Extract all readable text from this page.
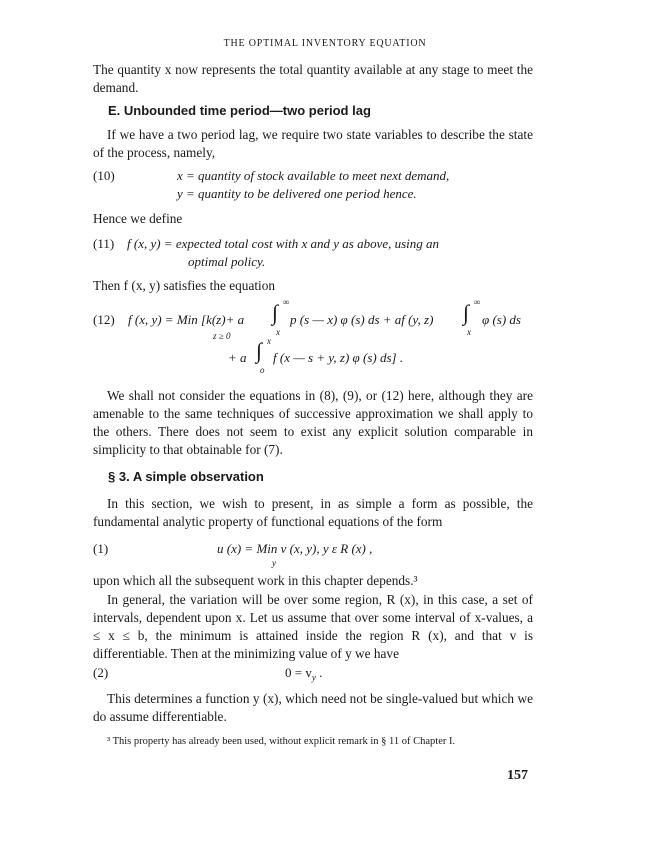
THE OPTIMAL INVENTORY EQUATION
The quantity x now represents the total quantity available at any stage to meet the demand.
E. Unbounded time period—two period lag
If we have a two period lag, we require two state variables to describe the state of the process, namely,
(10)	x = quantity of stock available to meet next demand,
y = quantity to be delivered one period hence.
Hence we define
(11) f (x, y) = expected total cost with x and y as above, using an
optimal policy.
Then f (x, y) satisfies the equation
(12) f (x, y) = Min [k(z)+ a
z ≥ 0
∫ ∞
x
p (s — x) φ (s) ds + af (y, z) ∫ ∞
x
φ (s) ds
+ a ∫ x
o
f (x — s + y, z) φ (s) ds] .
We shall not consider the equations in (8), (9), or (12) here, although they are amenable to the same techniques of successive approximation we shall apply to the others. There does not seem to exist any explicit solution comparable in simplicity to that obtainable for (7).
§ 3. A simple observation
In this section, we wish to present, in as simple a form as possible, the fundamental analytic property of functional equations of the form
(1)	u (x) = Min v (x, y), y ε R (x) ,
y
upon which all the subsequent work in this chapter depends.³
In general, the variation will be over some region, R (x), in this case, a set of intervals, dependent upon x. Let us assume that over some interval of x-values, a ≤ x ≤ b, the minimum is attained inside the region R (x), and that v is differentiable. Then at the minimizing value of y we have
(2)	$0 = v_y$ .
This determines a function y (x), which need not be single-valued but which we do assume differentiable.
³ This property has already been used, without explicit remark in § 11 of Chapter I.
157
